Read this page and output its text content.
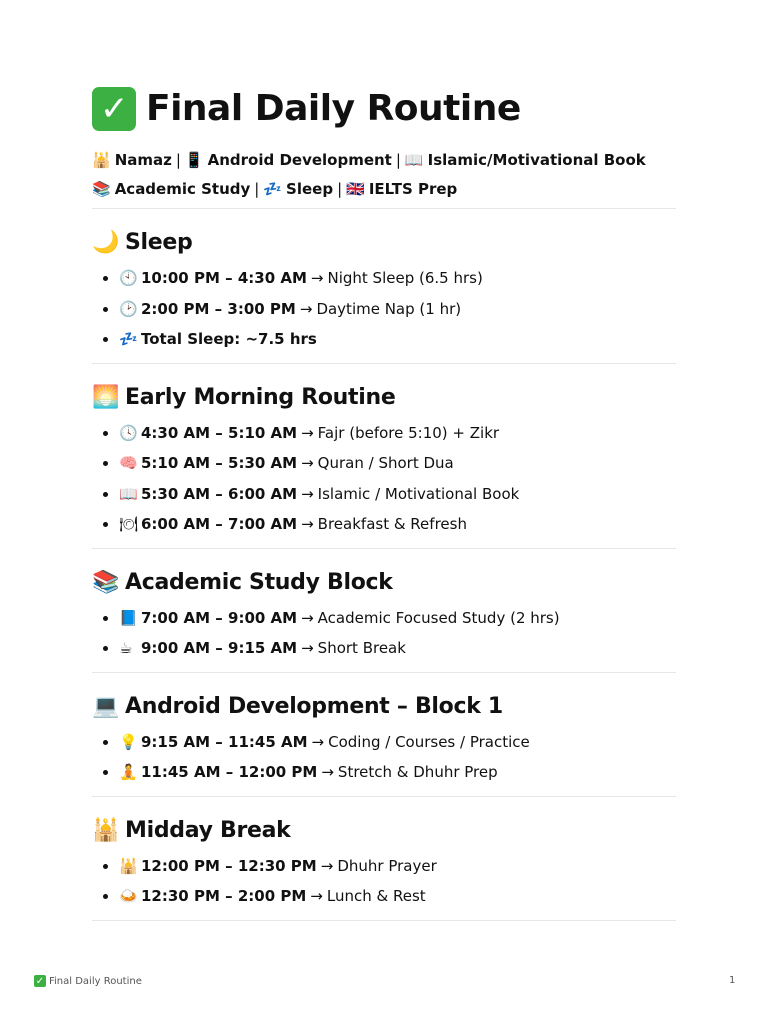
✓ Final Daily Routine
🕌 Namaz | 📱 Android Development | 📖 Islamic/Motivational Book
📚 Academic Study | 💤 Sleep | 🇬🇧 IELTS Prep
🌙 Sleep
🕙 10:00 PM – 4:30 AM → Night Sleep (6.5 hrs)
🕑 2:00 PM – 3:00 PM → Daytime Nap (1 hr)
💤 Total Sleep: ~7.5 hrs
🌅 Early Morning Routine
🕓 4:30 AM – 5:10 AM → Fajr (before 5:10) + Zikr
🧠 5:10 AM – 5:30 AM → Quran / Short Dua
📖 5:30 AM – 6:00 AM → Islamic / Motivational Book
🍽 6:00 AM – 7:00 AM → Breakfast & Refresh
📚 Academic Study Block
📘 7:00 AM – 9:00 AM → Academic Focused Study (2 hrs)
☕ 9:00 AM – 9:15 AM → Short Break
💻 Android Development – Block 1
💡 9:15 AM – 11:45 AM → Coding / Courses / Practice
🧘 11:45 AM – 12:00 PM → Stretch & Dhuhr Prep
🕌 Midday Break
🕌 12:00 PM – 12:30 PM → Dhuhr Prayer
🍛 12:30 PM – 2:00 PM → Lunch & Rest
✓ Final Daily Routine	1
